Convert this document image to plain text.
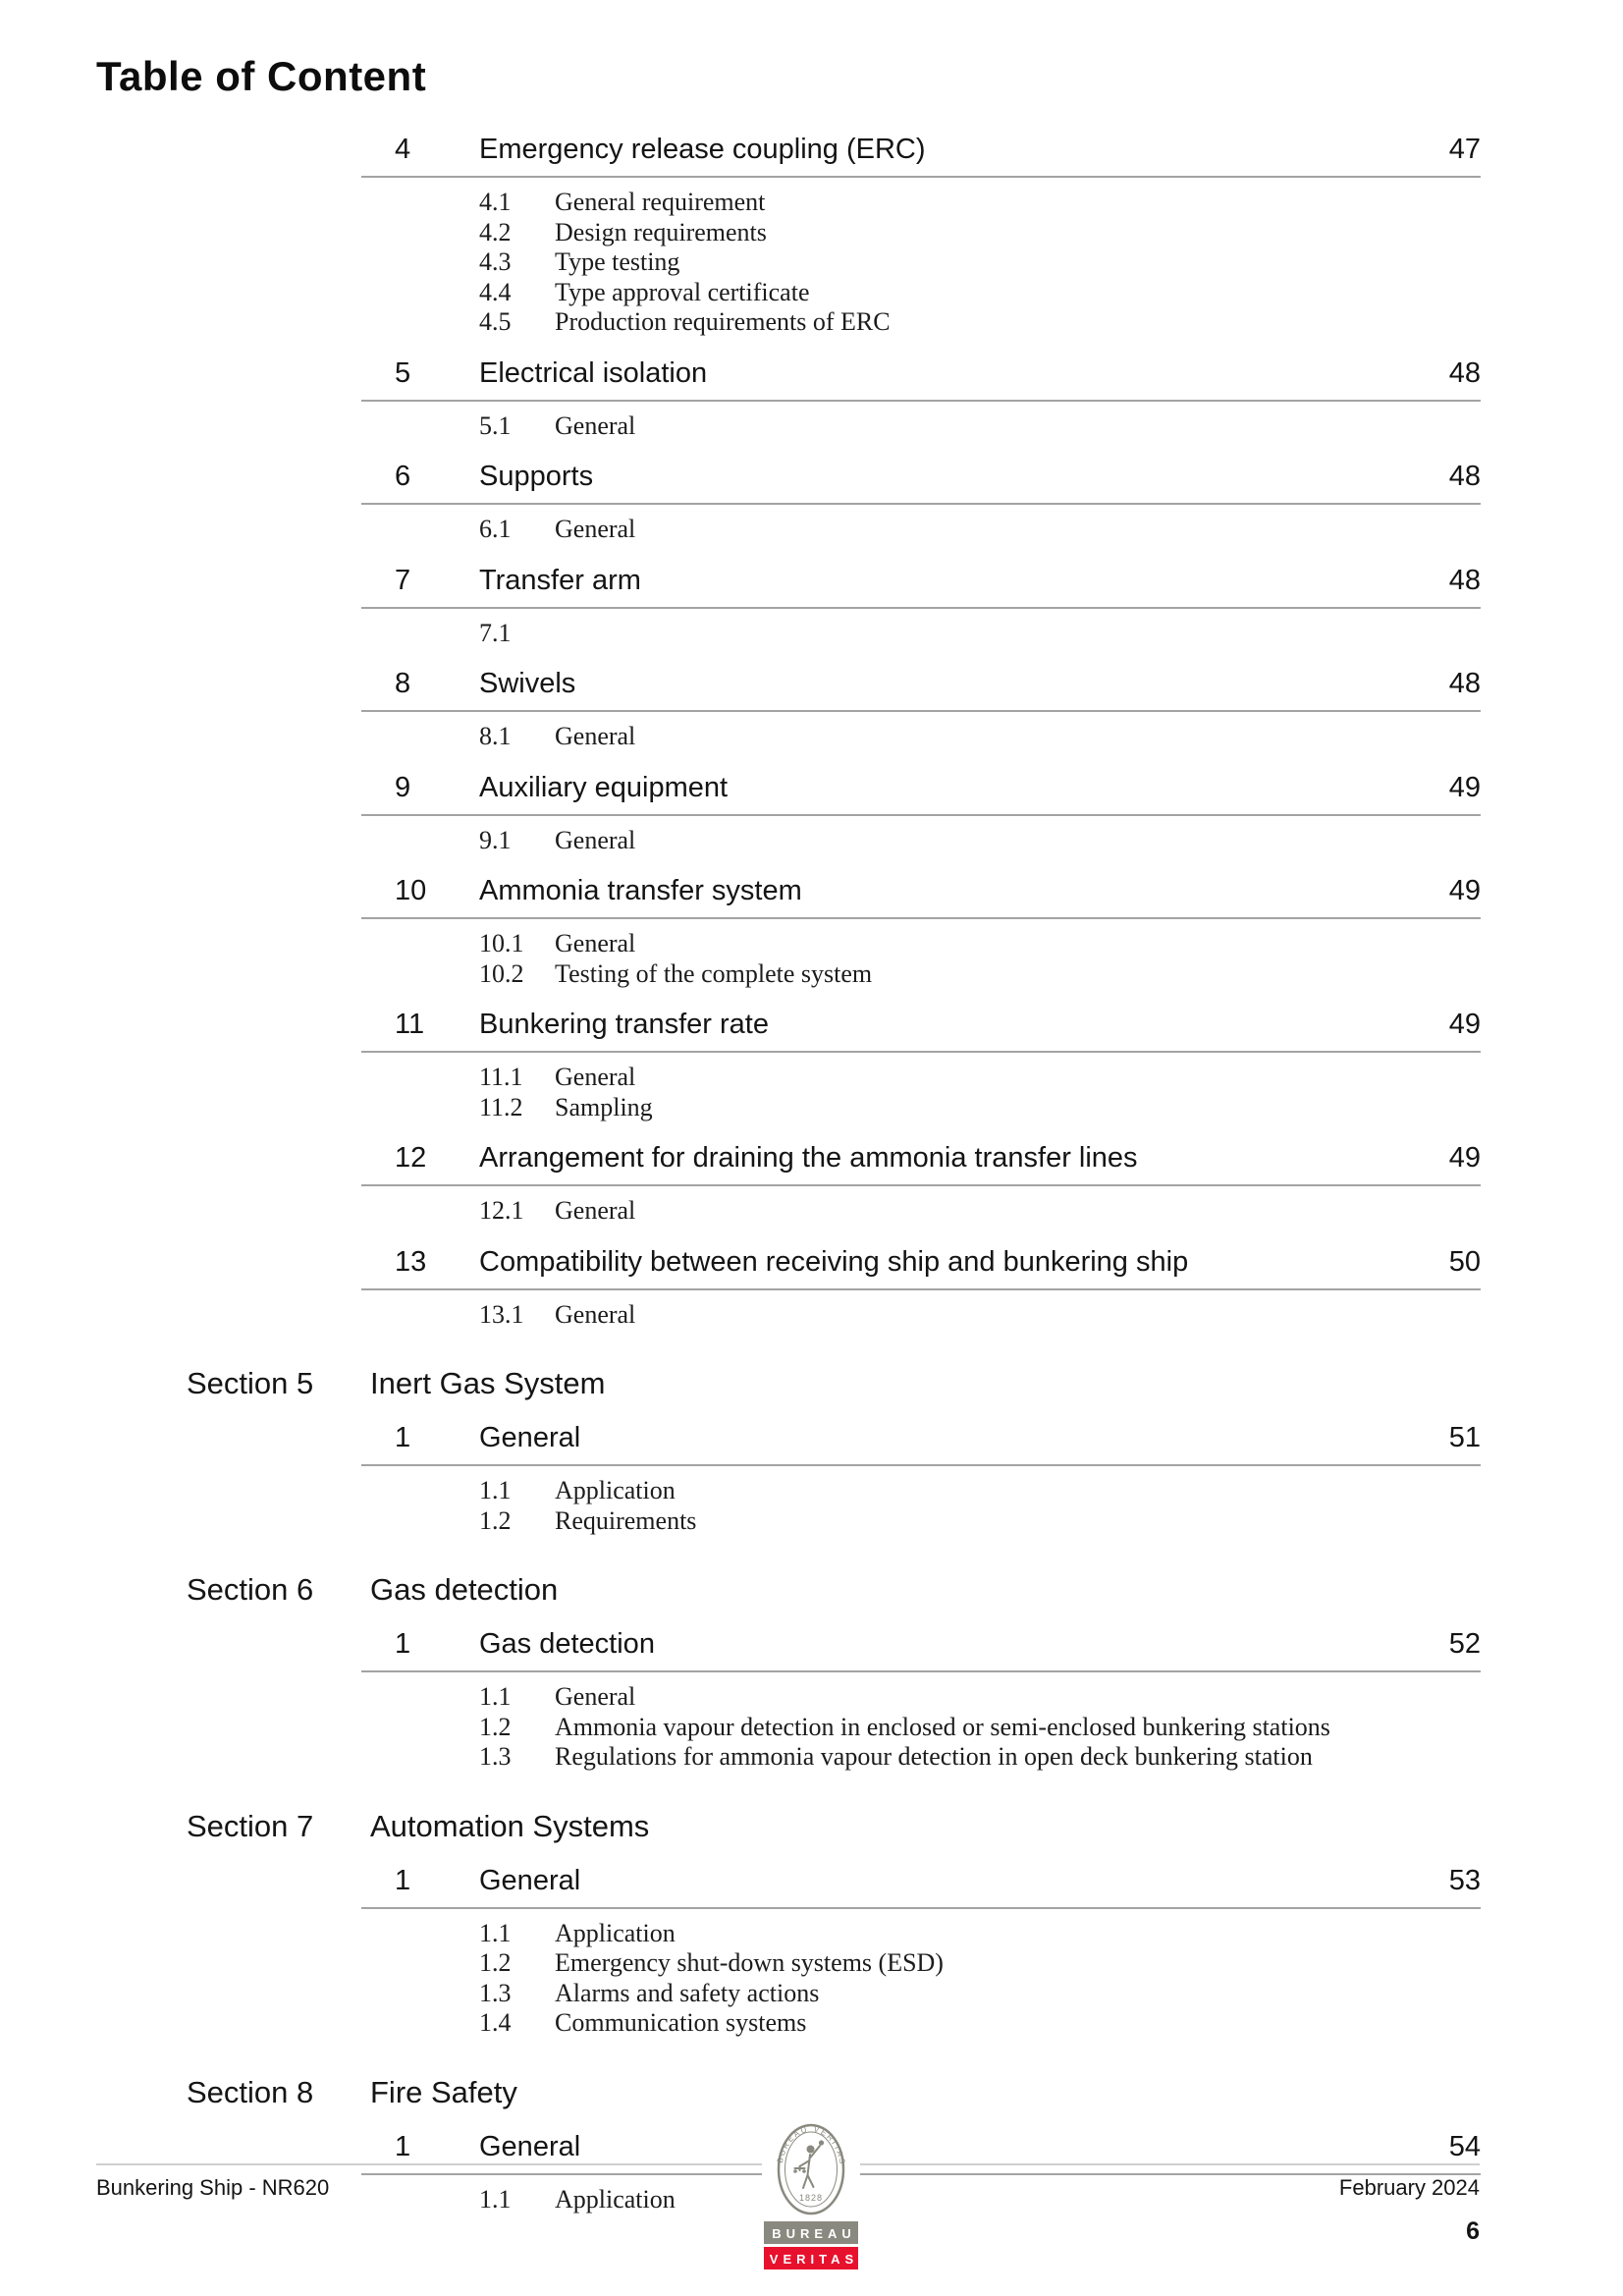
Table of Content
4	Emergency release coupling (ERC)	47
4.1	General requirement
4.2	Design requirements
4.3	Type testing
4.4	Type approval certificate
4.5	Production requirements of ERC
5	Electrical isolation	48
5.1	General
6	Supports	48
6.1	General
7	Transfer arm	48
7.1
8	Swivels	48
8.1	General
9	Auxiliary equipment	49
9.1	General
10	Ammonia transfer system	49
10.1	General
10.2	Testing of the complete system
11	Bunkering transfer rate	49
11.1	General
11.2	Sampling
12	Arrangement for draining the ammonia transfer lines	49
12.1	General
13	Compatibility between receiving ship and bunkering ship	50
13.1	General
Section 5 Inert Gas System
1	General	51
1.1	Application
1.2	Requirements
Section 6 Gas detection
1	Gas detection	52
1.1	General
1.2	Ammonia vapour detection in enclosed or semi-enclosed bunkering stations
1.3	Regulations for ammonia vapour detection in open deck bunkering station
Section 7 Automation Systems
1	General	53
1.1	Application
1.2	Emergency shut-down systems (ESD)
1.3	Alarms and safety actions
1.4	Communication systems
Section 8 Fire Safety
1	General	54
1.1	Application
Bunkering Ship - NR620	February 2024
6
BUREAU VERITAS
1828
BUREAU
VERITAS
